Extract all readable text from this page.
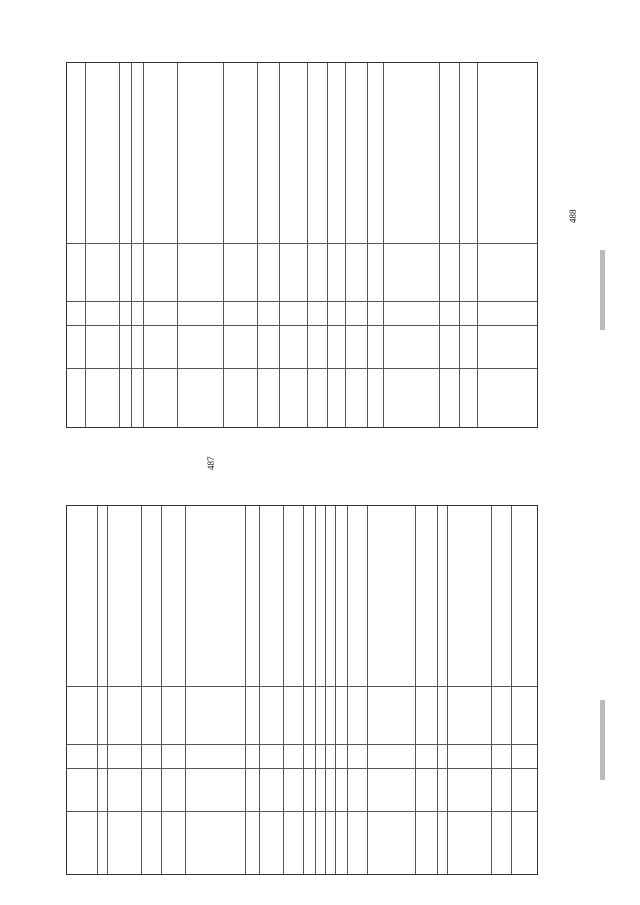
487
488
